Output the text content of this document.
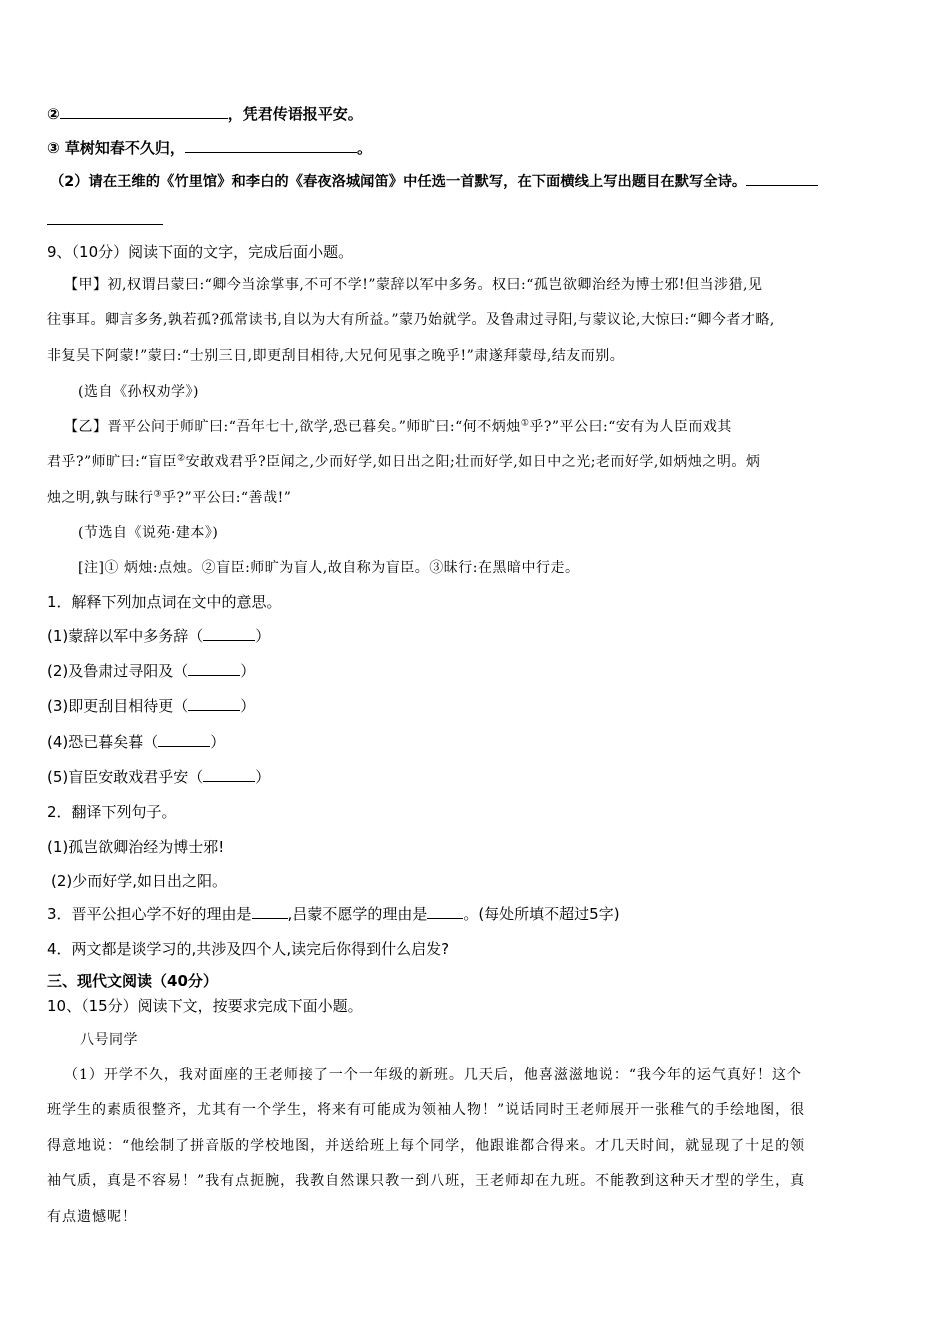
②	，凭君传语报平安。
③ 草树知春不久归，	。
（2）请在王维的《竹里馆》和李白的《春夜洛城闻笛》中任选一首默写，在下面横线上写出题目在默写全诗。
9、（10分）阅读下面的文字，完成后面小题。
【甲】初,权谓吕蒙曰:“卿今当涂掌事,不可不学!”蒙辞以军中多务。权曰:“孤岂欲卿治经为博士邪!但当涉猎,见
往事耳。卿言多务,孰若孤?孤常读书,自以为大有所益。”蒙乃始就学。及鲁肃过寻阳,与蒙议论,大惊曰:“卿今者才略,
非复吴下阿蒙!”蒙曰:“士别三日,即更刮目相待,大兄何见事之晚乎!”肃遂拜蒙母,结友而别。
(选自《孙权劝学》)
【乙】晋平公问于师旷曰:“吾年七十,欲学,恐已暮矣。”师旷曰:“何不炳烛①乎?”平公曰:“安有为人臣而戏其
君乎?”师旷曰:“盲臣②安敢戏君乎?臣闻之,少而好学,如日出之阳;壮而好学,如日中之光;老而好学,如炳烛之明。炳
烛之明,孰与昧行③乎?”平公曰:“善哉!”
(节选自《说苑·建本》)
[注]① 炳烛:点烛。②盲臣:师旷为盲人,故自称为盲臣。③昧行:在黑暗中行走。
1．解释下列加点词在文中的意思。
(1)蒙辞以军中多务辞（	）
(2)及鲁肃过寻阳及（	）
(3)即更刮目相待更（	）
(4)恐已暮矣暮（	）
(5)盲臣安敢戏君乎安（	）
2．翻译下列句子。
(1)孤岂欲卿治经为博士邪!
(2)少而好学,如日出之阳。
3．晋平公担心学不好的理由是 ,吕蒙不愿学的理由是 。(每处所填不超过5字)
4．两文都是谈学习的,共涉及四个人,读完后你得到什么启发?
三、现代文阅读（40分）
10、（15分）阅读下文，按要求完成下面小题。
八号同学
（1）开学不久，我对面座的王老师接了一个一年级的新班。几天后，他喜滋滋地说：“我今年的运气真好！这个
班学生的素质很整齐，尤其有一个学生，将来有可能成为领袖人物！”说话同时王老师展开一张稚气的手绘地图，很
得意地说：“他绘制了拼音版的学校地图，并送给班上每个同学，他跟谁都合得来。才几天时间，就显现了十足的领
袖气质，真是不容易！”我有点扼腕，我教自然课只教一到八班，王老师却在九班。不能教到这种天才型的学生，真
有点遗憾呢！
